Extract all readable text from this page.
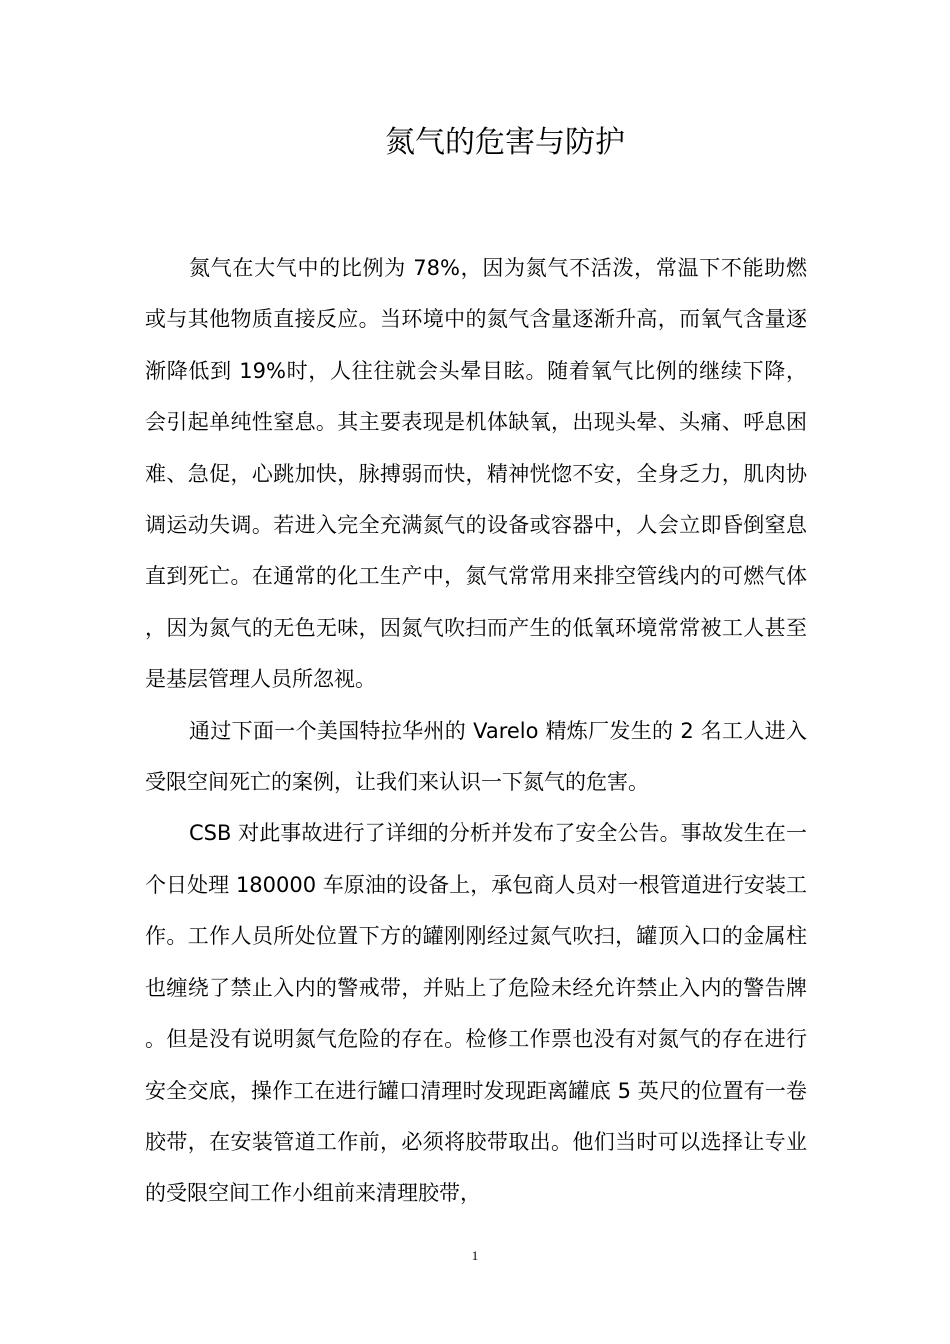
氮气的危害与防护

氮气在大气中的比例为 78%，因为氮气不活泼，常温下不能助燃或与其他物质直接反应。当环境中的氮气含量逐渐升高，而氧气含量逐渐降低到 19%时，人往往就会头晕目眩。随着氧气比例的继续下降，会引起单纯性窒息。其主要表现是机体缺氧，出现头晕、头痛、呼息困难、急促，心跳加快，脉搏弱而快，精神恍惚不安，全身乏力，肌肉协调运动失调。若进入完全充满氮气的设备或容器中，人会立即昏倒窒息直到死亡。在通常的化工生产中，氮气常常用来排空管线内的可燃气体，因为氮气的无色无味，因氮气吹扫而产生的低氧环境常常被工人甚至是基层管理人员所忽视。

通过下面一个美国特拉华州的 Varelo 精炼厂发生的 2 名工人进入受限空间死亡的案例，让我们来认识一下氮气的危害。

CSB 对此事故进行了详细的分析并发布了安全公告。事故发生在一个日处理 180000 车原油的设备上，承包商人员对一根管道进行安装工作。工作人员所处位置下方的罐刚刚经过氮气吹扫，罐顶入口的金属柱也缠绕了禁止入内的警戒带，并贴上了危险未经允许禁止入内的警告牌。但是没有说明氮气危险的存在。检修工作票也没有对氮气的存在进行安全交底，操作工在进行罐口清理时发现距离罐底 5 英尺的位置有一卷胶带，在安装管道工作前，必须将胶带取出。他们当时可以选择让专业的受限空间工作小组前来清理胶带，

1
